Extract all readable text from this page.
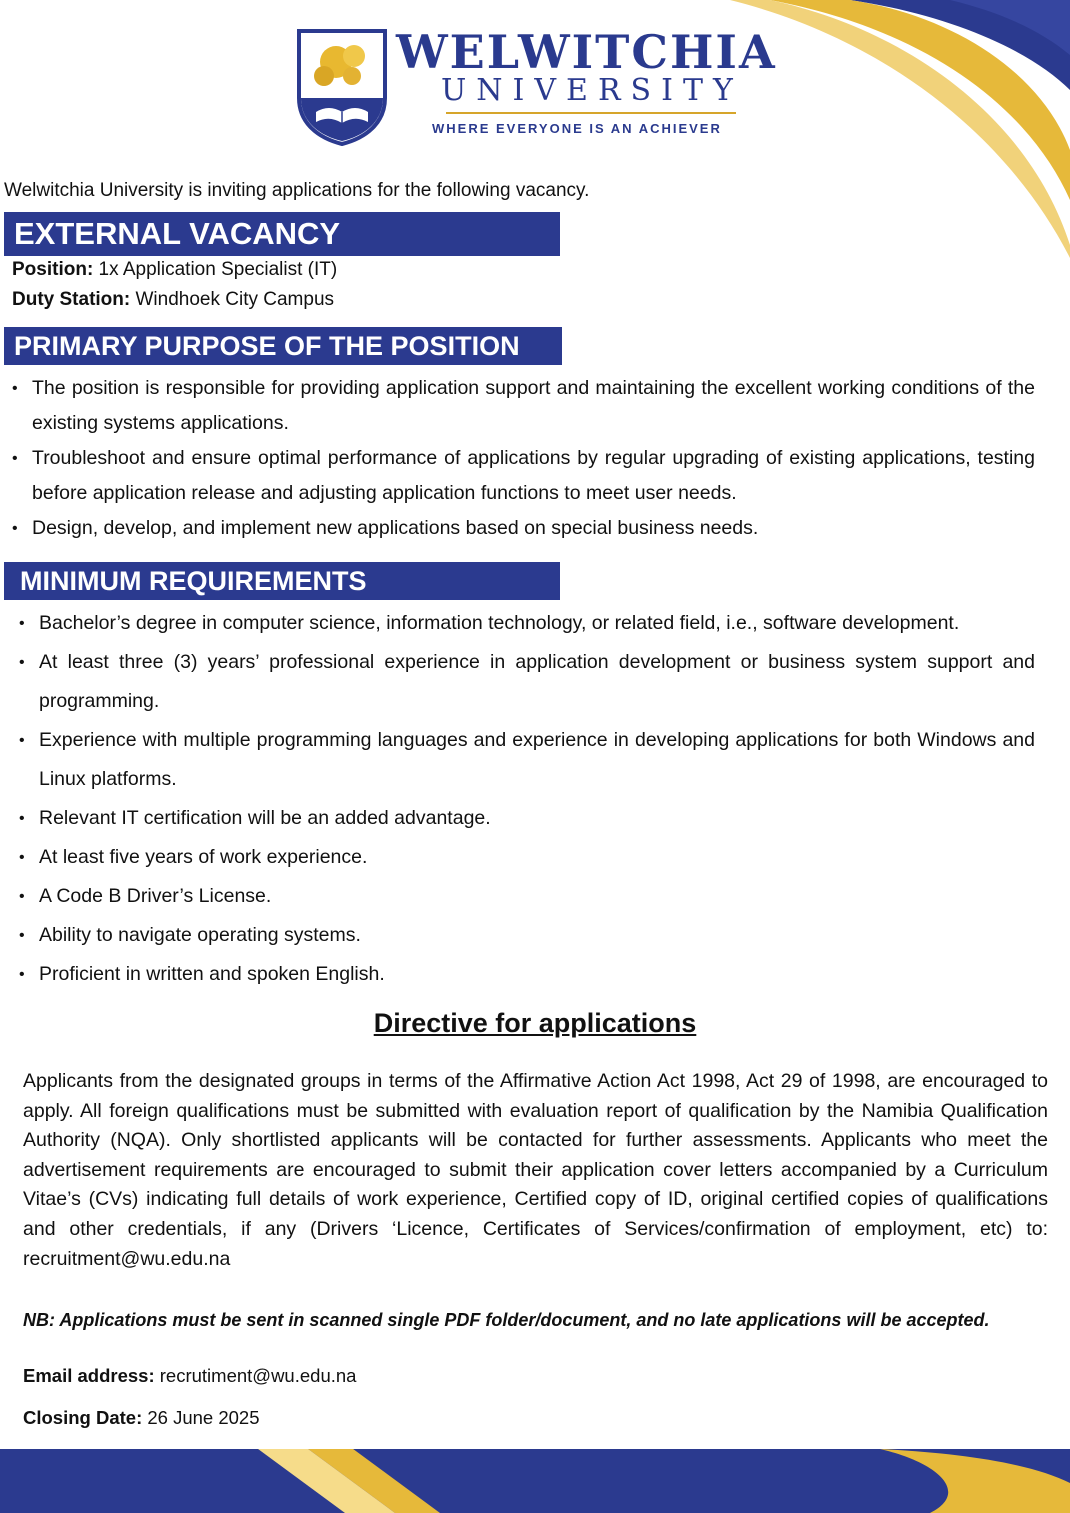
WELWITCHIA
UNIVERSITY
WHERE EVERYONE IS AN ACHIEVER
Welwitchia University is inviting applications for the following vacancy.
EXTERNAL VACANCY
Position: 1x Application Specialist (IT)
Duty Station: Windhoek City Campus
PRIMARY PURPOSE OF THE POSITION
• The position is responsible for providing application support and maintaining the excellent working conditions of the existing systems applications.
• Troubleshoot and ensure optimal performance of applications by regular upgrading of existing applications, testing before application release and adjusting application functions to meet user needs.
• Design, develop, and implement new applications based on special business needs.
MINIMUM REQUIREMENTS
• Bachelor’s degree in computer science, information technology, or related field, i.e., software development.
• At least three (3) years’ professional experience in application development or business system support and programming.
• Experience with multiple programming languages and experience in developing applications for both Windows and Linux platforms.
• Relevant IT certification will be an added advantage.
• At least five years of work experience.
• A Code B Driver’s License.
• Ability to navigate operating systems.
• Proficient in written and spoken English.
Directive for applications

Applicants from the designated groups in terms of the Affirmative Action Act 1998, Act 29 of 1998, are encouraged to apply. All foreign qualifications must be submitted with evaluation report of qualification by the Namibia Qualification Authority (NQA). Only shortlisted applicants will be contacted for further assessments. Applicants who meet the advertisement requirements are encouraged to submit their application cover letters accompanied by a Curriculum Vitae’s (CVs) indicating full details of work experience, Certified copy of ID, original certified copies of qualifications and other credentials, if any (Drivers ‘Licence, Certificates of Services/confirmation of employment, etc) to: recruitment@wu.edu.na

NB: Applications must be sent in scanned single PDF folder/document, and no late applications will be accepted.
Email address: recrutiment@wu.edu.na
Closing Date: 26 June 2025
